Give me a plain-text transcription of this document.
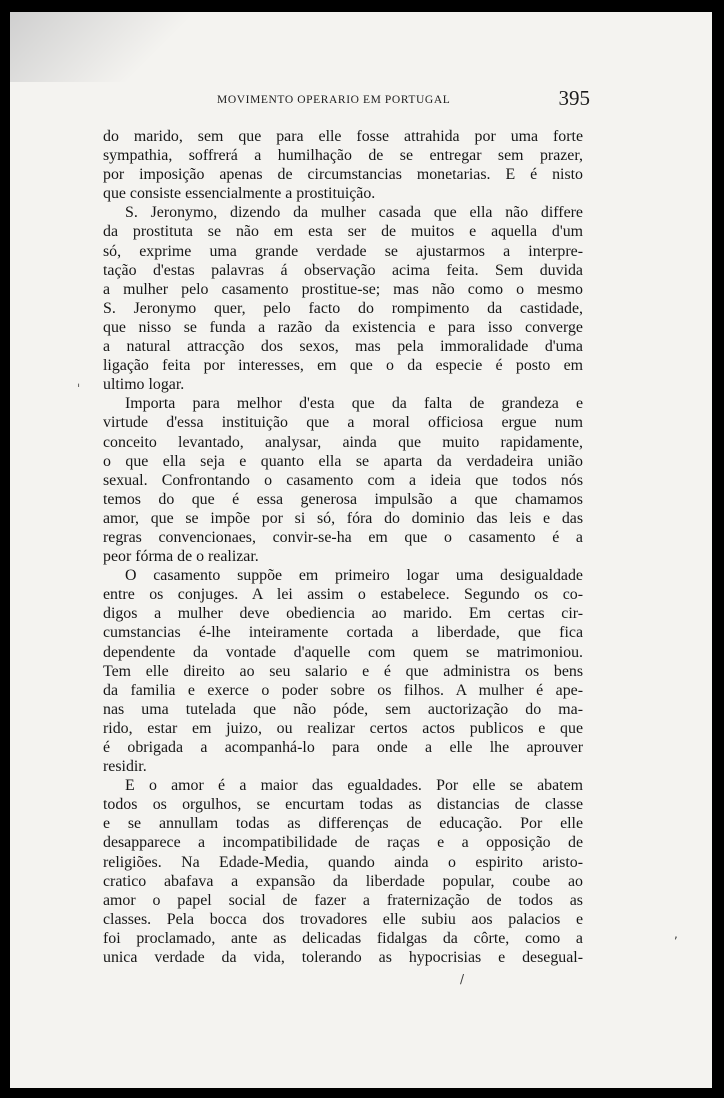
MOVIMENTO OPERARIO EM PORTUGAL	395
do marido, sem que para elle fosse attrahida por uma forte
sympathia, soffrerá a humilhação de se entregar sem prazer,
por imposição apenas de circumstancias monetarias. E é nisto
que consiste essencialmente a prostituição.
S. Jeronymo, dizendo da mulher casada que ella não differe
da prostituta se não em esta ser de muitos e aquella d'um
só, exprime uma grande verdade se ajustarmos a interpre-
tação d'estas palavras á observação acima feita. Sem duvida
a mulher pelo casamento prostitue-se; mas não como o mesmo
S. Jeronymo quer, pelo facto do rompimento da castidade,
que nisso se funda a razão da existencia e para isso converge
a natural attracção dos sexos, mas pela immoralidade d'uma
ligação feita por interesses, em que o da especie é posto em
ultimo logar.
Importa para melhor d'esta que da falta de grandeza e
virtude d'essa instituição que a moral officiosa ergue num
conceito levantado, analysar, ainda que muito rapidamente,
o que ella seja e quanto ella se aparta da verdadeira união
sexual. Confrontando o casamento com a ideia que todos nós
temos do que é essa generosa impulsão a que chamamos
amor, que se impõe por si só, fóra do dominio das leis e das
regras convencionaes, convir-se-ha em que o casamento é a
peor fórma de o realizar.
O casamento suppõe em primeiro logar uma desigualdade
entre os conjuges. A lei assim o estabelece. Segundo os co-
digos a mulher deve obediencia ao marido. Em certas cir-
cumstancias é-lhe inteiramente cortada a liberdade, que fica
dependente da vontade d'aquelle com quem se matrimoniou.
Tem elle direito ao seu salario e é que administra os bens
da familia e exerce o poder sobre os filhos. A mulher é ape-
nas uma tutelada que não póde, sem auctorização do ma-
rido, estar em juizo, ou realizar certos actos publicos e que
é obrigada a acompanhá-lo para onde a elle lhe aprouver
residir.
E o amor é a maior das egualdades. Por elle se abatem
todos os orgulhos, se encurtam todas as distancias de classe
e se annullam todas as differenças de educação. Por elle
desapparece a incompatibilidade de raças e a opposição de
religiões. Na Edade-Media, quando ainda o espirito aristo-
cratico abafava a expansão da liberdade popular, coube ao
amor o papel social de fazer a fraternização de todos as
classes. Pela bocca dos trovadores elle subiu aos palacios e
foi proclamado, ante as delicadas fidalgas da côrte, como a
unica verdade da vida, tolerando as hypocrisias e desegual-
ˈ
,
/
